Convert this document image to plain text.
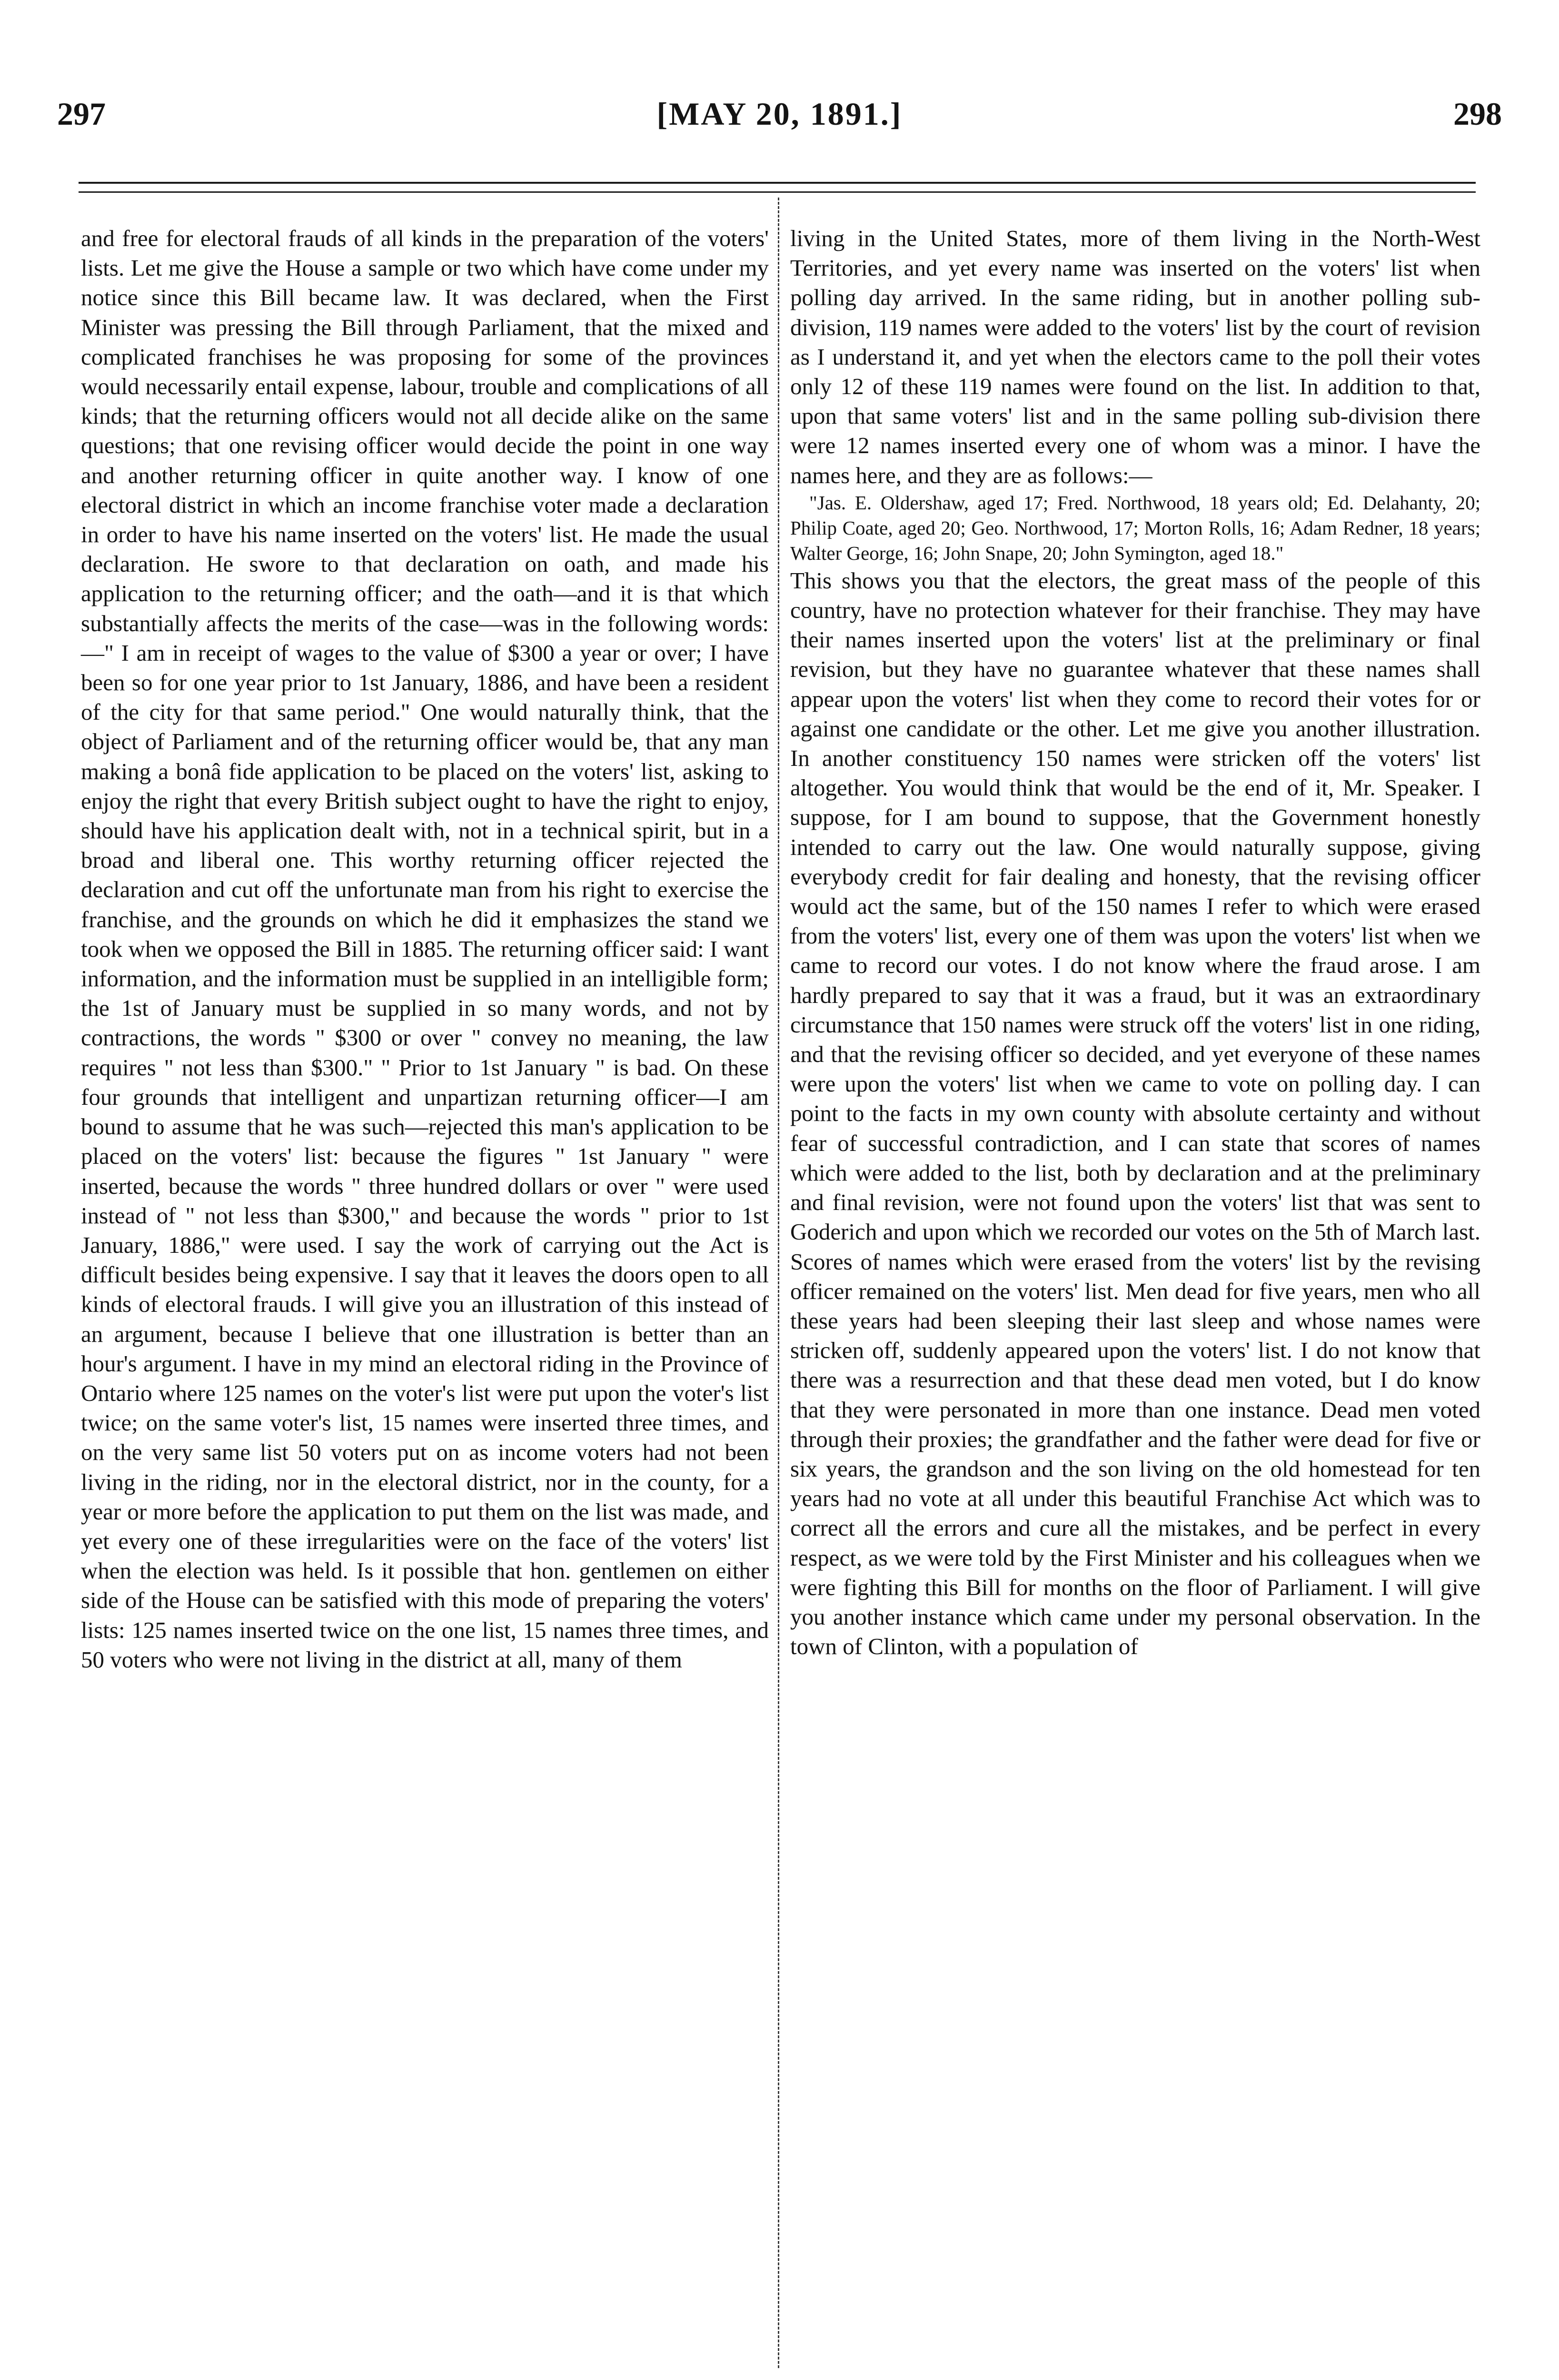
297	[MAY 20, 1891.]	298

and free for electoral frauds of all kinds in the preparation of the voters' lists. Let me give the House a sample or two which have come under my notice since this Bill became law. It was declared, when the First Minister was pressing the Bill through Parliament, that the mixed and complicated franchises he was proposing for some of the provinces would necessarily entail expense, labour, trouble and complications of all kinds; that the returning officers would not all decide alike on the same questions; that one revising officer would decide the point in one way and another returning officer in quite another way. I know of one electoral district in which an income franchise voter made a declaration in order to have his name inserted on the voters' list. He made the usual declaration. He swore to that declaration on oath, and made his application to the returning officer; and the oath—and it is that which substantially affects the merits of the case—was in the following words:—" I am in receipt of wages to the value of $300 a year or over; I have been so for one year prior to 1st January, 1886, and have been a resident of the city for that same period." One would naturally think, that the object of Parliament and of the returning officer would be, that any man making a bonâ fide application to be placed on the voters' list, asking to enjoy the right that every British subject ought to have the right to enjoy, should have his application dealt with, not in a technical spirit, but in a broad and liberal one. This worthy returning officer rejected the declaration and cut off the unfortunate man from his right to exercise the franchise, and the grounds on which he did it emphasizes the stand we took when we opposed the Bill in 1885. The returning officer said: I want information, and the information must be supplied in an intelligible form; the 1st of January must be supplied in so many words, and not by contractions, the words " $300 or over " convey no meaning, the law requires " not less than $300." " Prior to 1st January " is bad. On these four grounds that intelligent and unpartizan returning officer—I am bound to assume that he was such—rejected this man's application to be placed on the voters' list: because the figures " 1st January " were inserted, because the words " three hundred dollars or over " were used instead of " not less than $300," and because the words " prior to 1st January, 1886," were used. I say the work of carrying out the Act is difficult besides being expensive. I say that it leaves the doors open to all kinds of electoral frauds. I will give you an illustration of this instead of an argument, because I believe that one illustration is better than an hour's argument. I have in my mind an electoral riding in the Province of Ontario where 125 names on the voter's list were put upon the voter's list twice; on the same voter's list, 15 names were inserted three times, and on the very same list 50 voters put on as income voters had not been living in the riding, nor in the electoral district, nor in the county, for a year or more before the application to put them on the list was made, and yet every one of these irregularities were on the face of the voters' list when the election was held. Is it possible that hon. gentlemen on either side of the House can be satisfied with this mode of preparing the voters' lists: 125 names inserted twice on the one list, 15 names three times, and 50 voters who were not living in the district at all, many of them

living in the United States, more of them living in the North-West Territories, and yet every name was inserted on the voters' list when polling day arrived. In the same riding, but in another polling sub-division, 119 names were added to the voters' list by the court of revision as I understand it, and yet when the electors came to the poll their votes only 12 of these 119 names were found on the list. In addition to that, upon that same voters' list and in the same polling sub-division there were 12 names inserted every one of whom was a minor. I have the names here, and they are as follows:—

"Jas. E. Oldershaw, aged 17; Fred. Northwood, 18 years old; Ed. Delahanty, 20; Philip Coate, aged 20; Geo. Northwood, 17; Morton Rolls, 16; Adam Redner, 18 years; Walter George, 16; John Snape, 20; John Symington, aged 18."

This shows you that the electors, the great mass of the people of this country, have no protection whatever for their franchise. They may have their names inserted upon the voters' list at the preliminary or final revision, but they have no guarantee whatever that these names shall appear upon the voters' list when they come to record their votes for or against one candidate or the other. Let me give you another illustration. In another constituency 150 names were stricken off the voters' list altogether. You would think that would be the end of it, Mr. Speaker. I suppose, for I am bound to suppose, that the Government honestly intended to carry out the law. One would naturally suppose, giving everybody credit for fair dealing and honesty, that the revising officer would act the same, but of the 150 names I refer to which were erased from the voters' list, every one of them was upon the voters' list when we came to record our votes. I do not know where the fraud arose. I am hardly prepared to say that it was a fraud, but it was an extraordinary circumstance that 150 names were struck off the voters' list in one riding, and that the revising officer so decided, and yet everyone of these names were upon the voters' list when we came to vote on polling day. I can point to the facts in my own county with absolute certainty and without fear of successful contradiction, and I can state that scores of names which were added to the list, both by declaration and at the preliminary and final revision, were not found upon the voters' list that was sent to Goderich and upon which we recorded our votes on the 5th of March last. Scores of names which were erased from the voters' list by the revising officer remained on the voters' list. Men dead for five years, men who all these years had been sleeping their last sleep and whose names were stricken off, suddenly appeared upon the voters' list. I do not know that there was a resurrection and that these dead men voted, but I do know that they were personated in more than one instance. Dead men voted through their proxies; the grandfather and the father were dead for five or six years, the grandson and the son living on the old homestead for ten years had no vote at all under this beautiful Franchise Act which was to correct all the errors and cure all the mistakes, and be perfect in every respect, as we were told by the First Minister and his colleagues when we were fighting this Bill for months on the floor of Parliament. I will give you another instance which came under my personal observation. In the town of Clinton, with a population of
